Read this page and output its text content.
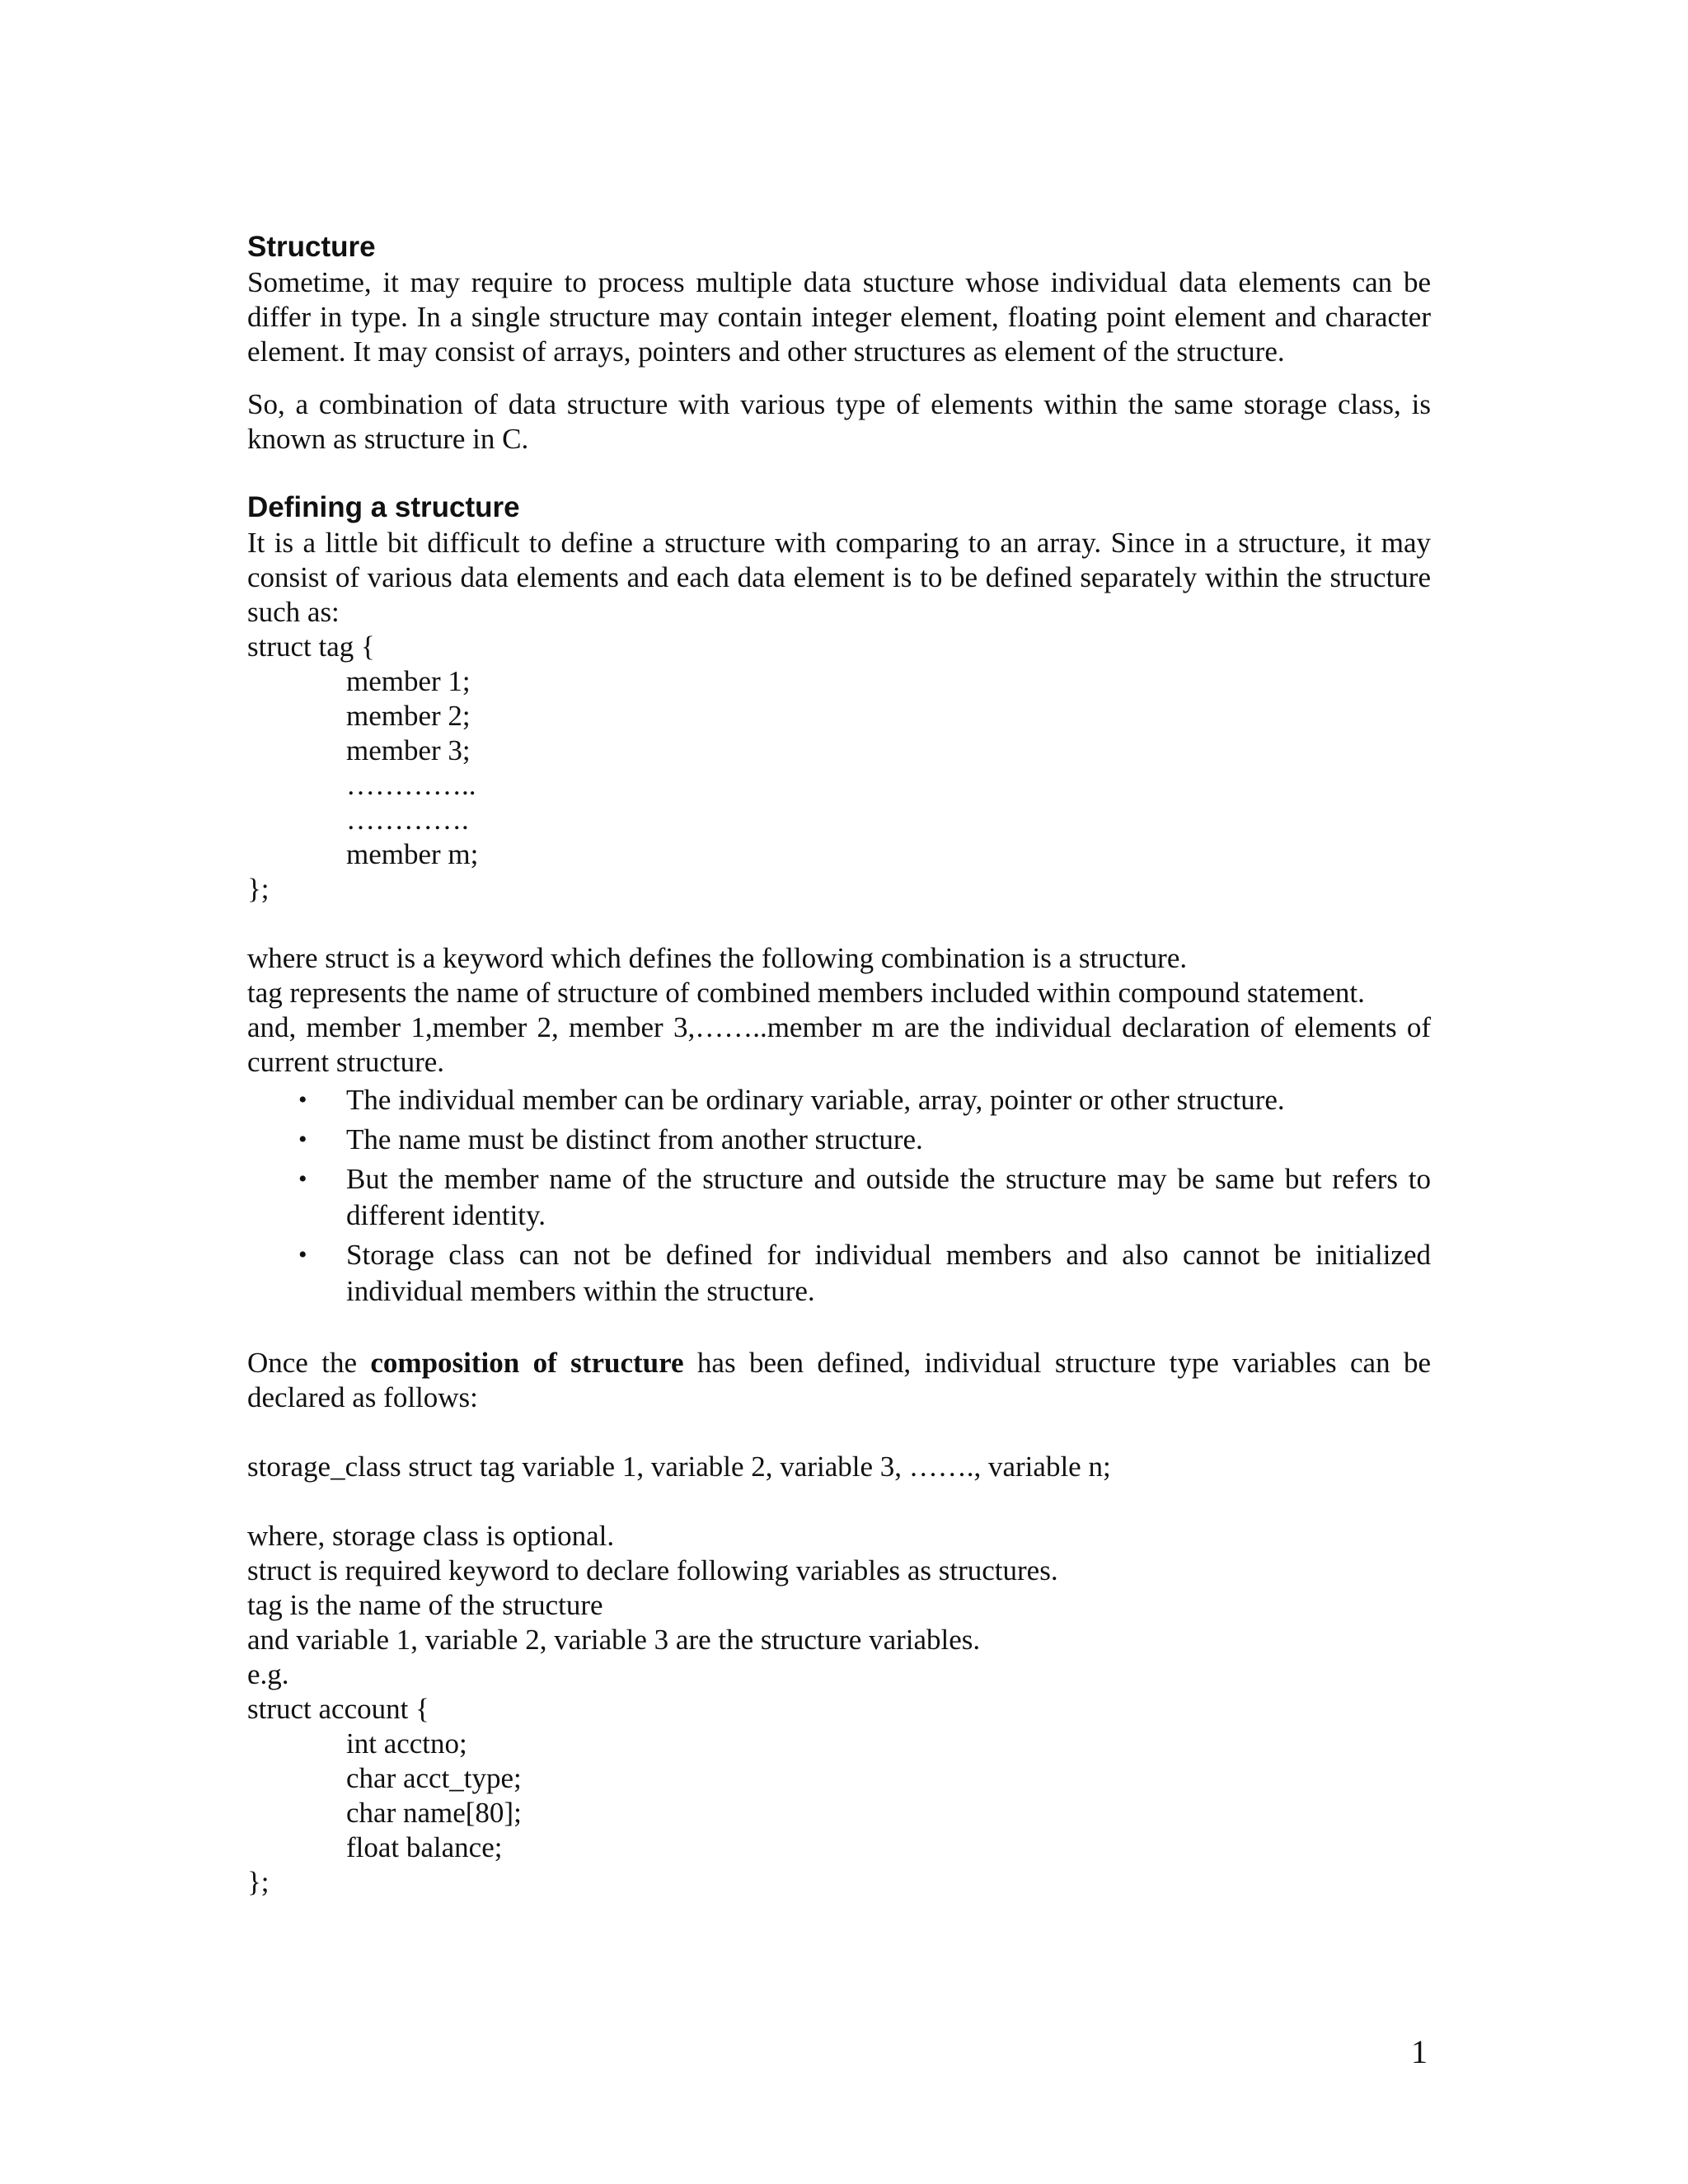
Structure

Sometime, it may require to process multiple data stucture whose individual data elements can be differ in type. In a single structure may contain integer element, floating point element and character element. It may consist of arrays, pointers and other structures as element of the structure.

So, a combination of data structure with various type of elements within the same storage class, is known as structure in C.

Defining a structure

It is a little bit difficult to define a structure with comparing to an array. Since in a structure, it may consist of various data elements and each data element is to be defined separately within the structure such as:

struct tag {

member 1;

member 2;

member 3;

…………..

………….

member m;

};

where struct is a keyword which defines the following combination is a structure.

tag represents the name of structure of combined members included within compound statement.

and, member 1,member 2, member 3,……..member m are the individual declaration of elements of current structure.

• The individual member can be ordinary variable, array, pointer or other structure.
• The name must be distinct from another structure.
• But the member name of the structure and outside the structure may be same but refers to different identity.
• Storage class can not be defined for individual members and also cannot be initialized individual members within the structure.

Once the composition of structure has been defined, individual structure type variables can be declared as follows:

storage_class struct tag variable 1, variable 2, variable 3, ……., variable n;

where, storage class is optional.

struct is required keyword to declare following variables as structures.

tag is the name of the structure

and variable 1, variable 2, variable 3 are the structure variables.

e.g.

struct account {

int acctno;

char acct_type;

char name[80];

float balance;

};

1
